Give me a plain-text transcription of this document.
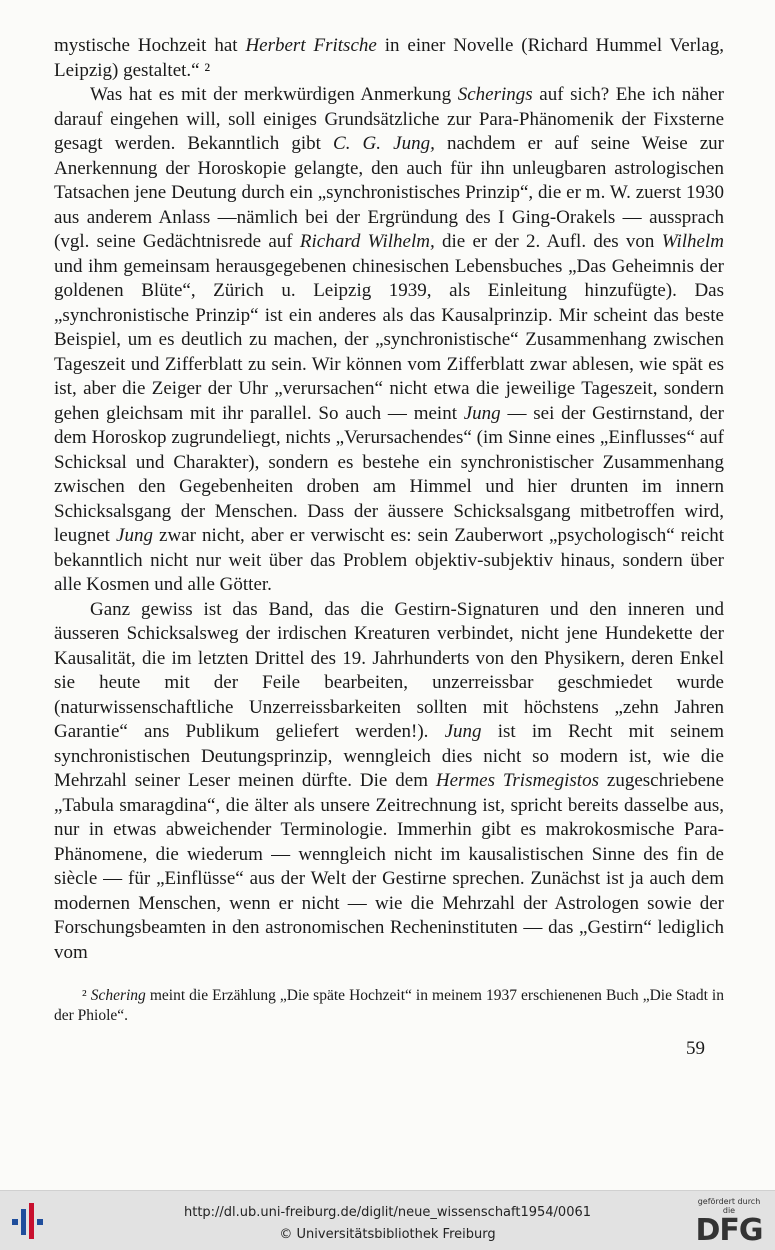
mystische Hochzeit hat Herbert Fritsche in einer Novelle (Richard Hummel Verlag, Leipzig) gestaltet.“ ²

Was hat es mit der merkwürdigen Anmerkung Scherings auf sich? Ehe ich näher darauf eingehen will, soll einiges Grundsätzliche zur Para-Phänomenik der Fixsterne gesagt werden. Bekanntlich gibt C. G. Jung, nachdem er auf seine Weise zur Anerkennung der Horoskopie gelangte, den auch für ihn unleugbaren astrologischen Tatsachen jene Deutung durch ein „synchronistisches Prinzip“, die er m. W. zuerst 1930 aus anderem Anlass —nämlich bei der Ergründung des I Ging-Orakels — aussprach (vgl. seine Gedächtnisrede auf Richard Wilhelm, die er der 2. Aufl. des von Wilhelm und ihm gemeinsam herausgegebenen chinesischen Lebensbuches „Das Geheimnis der goldenen Blüte“, Zürich u. Leipzig 1939, als Einleitung hinzufügte). Das „synchronistische Prinzip“ ist ein anderes als das Kausalprinzip. Mir scheint das beste Beispiel, um es deutlich zu machen, der „synchronistische“ Zusammenhang zwischen Tageszeit und Zifferblatt zu sein. Wir können vom Zifferblatt zwar ablesen, wie spät es ist, aber die Zeiger der Uhr „verursachen“ nicht etwa die jeweilige Tageszeit, sondern gehen gleichsam mit ihr parallel. So auch — meint Jung — sei der Gestirnstand, der dem Horoskop zugrundeliegt, nichts „Verursachendes“ (im Sinne eines „Einflusses“ auf Schicksal und Charakter), sondern es bestehe ein synchronistischer Zusammenhang zwischen den Gegebenheiten droben am Himmel und hier drunten im innern Schicksalsgang der Menschen. Dass der äussere Schicksalsgang mitbetroffen wird, leugnet Jung zwar nicht, aber er verwischt es: sein Zauberwort „psychologisch“ reicht bekanntlich nicht nur weit über das Problem objektiv-subjektiv hinaus, sondern über alle Kosmen und alle Götter.

Ganz gewiss ist das Band, das die Gestirn-Signaturen und den inneren und äusseren Schicksalsweg der irdischen Kreaturen verbindet, nicht jene Hundekette der Kausalität, die im letzten Drittel des 19. Jahrhunderts von den Physikern, deren Enkel sie heute mit der Feile bearbeiten, unzerreissbar geschmiedet wurde (naturwissenschaftliche Unzerreissbarkeiten sollten mit höchstens „zehn Jahren Garantie“ ans Publikum geliefert werden!). Jung ist im Recht mit seinem synchronistischen Deutungsprinzip, wenngleich dies nicht so modern ist, wie die Mehrzahl seiner Leser meinen dürfte. Die dem Hermes Trismegistos zugeschriebene „Tabula smaragdina“, die älter als unsere Zeitrechnung ist, spricht bereits dasselbe aus, nur in etwas abweichender Terminologie. Immerhin gibt es makrokosmische Para-Phänomene, die wiederum — wenngleich nicht im kausalistischen Sinne des fin de siècle — für „Einflüsse“ aus der Welt der Gestirne sprechen. Zunächst ist ja auch dem modernen Menschen, wenn er nicht — wie die Mehrzahl der Astrologen sowie der Forschungsbeamten in den astronomischen Recheninstituten — das „Gestirn“ lediglich vom

² Schering meint die Erzählung „Die späte Hochzeit“ in meinem 1937 erschienenen Buch „Die Stadt in der Phiole“.

59
http://dl.ub.uni-freiburg.de/diglit/neue_wissenschaft1954/0061
© Universitätsbibliothek Freiburg
gefördert durch die
DFG
